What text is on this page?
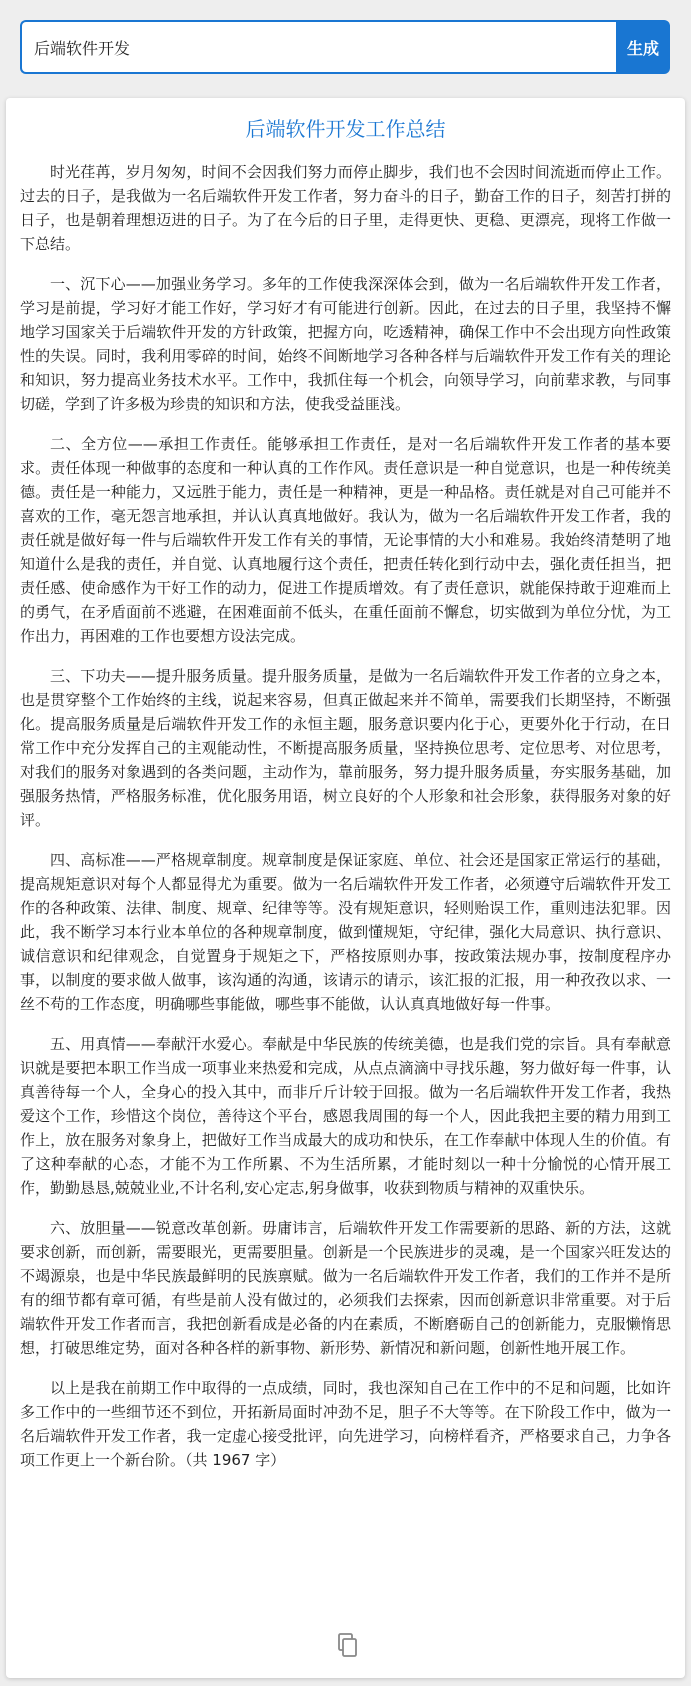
后端软件开发
生成
后端软件开发工作总结

时光荏苒，岁月匆匆，时间不会因我们努力而停止脚步，我们也不会因时间流逝而停止工作。过去的日子，是我做为一名后端软件开发工作者，努力奋斗的日子，勤奋工作的日子，刻苦打拼的日子，也是朝着理想迈进的日子。为了在今后的日子里，走得更快、更稳、更漂亮，现将工作做一下总结。

一、沉下心——加强业务学习。多年的工作使我深深体会到，做为一名后端软件开发工作者，学习是前提，学习好才能工作好，学习好才有可能进行创新。因此，在过去的日子里，我坚持不懈地学习国家关于后端软件开发的方针政策，把握方向，吃透精神，确保工作中不会出现方向性政策性的失误。同时，我利用零碎的时间，始终不间断地学习各种各样与后端软件开发工作有关的理论和知识，努力提高业务技术水平。工作中，我抓住每一个机会，向领导学习，向前辈求教，与同事切磋，学到了许多极为珍贵的知识和方法，使我受益匪浅。

二、全方位——承担工作责任。能够承担工作责任，是对一名后端软件开发工作者的基本要求。责任体现一种做事的态度和一种认真的工作作风。责任意识是一种自觉意识，也是一种传统美德。责任是一种能力，又远胜于能力，责任是一种精神，更是一种品格。责任就是对自己可能并不喜欢的工作，毫无怨言地承担，并认认真真地做好。我认为，做为一名后端软件开发工作者，我的责任就是做好每一件与后端软件开发工作有关的事情，无论事情的大小和难易。我始终清楚明了地知道什么是我的责任，并自觉、认真地履行这个责任，把责任转化到行动中去，强化责任担当，把责任感、使命感作为干好工作的动力，促进工作提质增效。有了责任意识，就能保持敢于迎难而上的勇气，在矛盾面前不逃避，在困难面前不低头，在重任面前不懈怠，切实做到为单位分忧，为工作出力，再困难的工作也要想方设法完成。

三、下功夫——提升服务质量。提升服务质量，是做为一名后端软件开发工作者的立身之本，也是贯穿整个工作始终的主线，说起来容易，但真正做起来并不简单，需要我们长期坚持，不断强化。提高服务质量是后端软件开发工作的永恒主题，服务意识要内化于心，更要外化于行动，在日常工作中充分发挥自己的主观能动性，不断提高服务质量，坚持换位思考、定位思考、对位思考，对我们的服务对象遇到的各类问题，主动作为，靠前服务，努力提升服务质量，夯实服务基础，加强服务热情，严格服务标准，优化服务用语，树立良好的个人形象和社会形象，获得服务对象的好评。

四、高标准——严格规章制度。规章制度是保证家庭、单位、社会还是国家正常运行的基础，提高规矩意识对每个人都显得尤为重要。做为一名后端软件开发工作者，必须遵守后端软件开发工作的各种政策、法律、制度、规章、纪律等等。没有规矩意识，轻则贻误工作，重则违法犯罪。因此，我不断学习本行业本单位的各种规章制度，做到懂规矩，守纪律，强化大局意识、执行意识、诚信意识和纪律观念，自觉置身于规矩之下，严格按原则办事，按政策法规办事，按制度程序办事，以制度的要求做人做事，该沟通的沟通，该请示的请示，该汇报的汇报，用一种孜孜以求、一丝不苟的工作态度，明确哪些事能做，哪些事不能做，认认真真地做好每一件事。

五、用真情——奉献汗水爱心。奉献是中华民族的传统美德，也是我们党的宗旨。具有奉献意识就是要把本职工作当成一项事业来热爱和完成，从点点滴滴中寻找乐趣，努力做好每一件事，认真善待每一个人，全身心的投入其中，而非斤斤计较于回报。做为一名后端软件开发工作者，我热爱这个工作，珍惜这个岗位，善待这个平台，感恩我周围的每一个人，因此我把主要的精力用到工作上，放在服务对象身上，把做好工作当成最大的成功和快乐，在工作奉献中体现人生的价值。有了这种奉献的心态，才能不为工作所累、不为生活所累，才能时刻以一种十分愉悦的心情开展工作，勤勤恳恳,兢兢业业,不计名利,安心定志,躬身做事，收获到物质与精神的双重快乐。

六、放胆量——锐意改革创新。毋庸讳言，后端软件开发工作需要新的思路、新的方法，这就要求创新，而创新，需要眼光，更需要胆量。创新是一个民族进步的灵魂，是一个国家兴旺发达的不竭源泉，也是中华民族最鲜明的民族禀赋。做为一名后端软件开发工作者，我们的工作并不是所有的细节都有章可循，有些是前人没有做过的，必须我们去探索，因而创新意识非常重要。对于后端软件开发工作者而言，我把创新看成是必备的内在素质，不断磨砺自己的创新能力，克服懒惰思想，打破思维定势，面对各种各样的新事物、新形势、新情况和新问题，创新性地开展工作。

以上是我在前期工作中取得的一点成绩，同时，我也深知自己在工作中的不足和问题，比如许多工作中的一些细节还不到位，开拓新局面时冲劲不足，胆子不大等等。在下阶段工作中，做为一名后端软件开发工作者，我一定虚心接受批评，向先进学习，向榜样看齐，严格要求自己，力争各项工作更上一个新台阶。（共 1967 字）
